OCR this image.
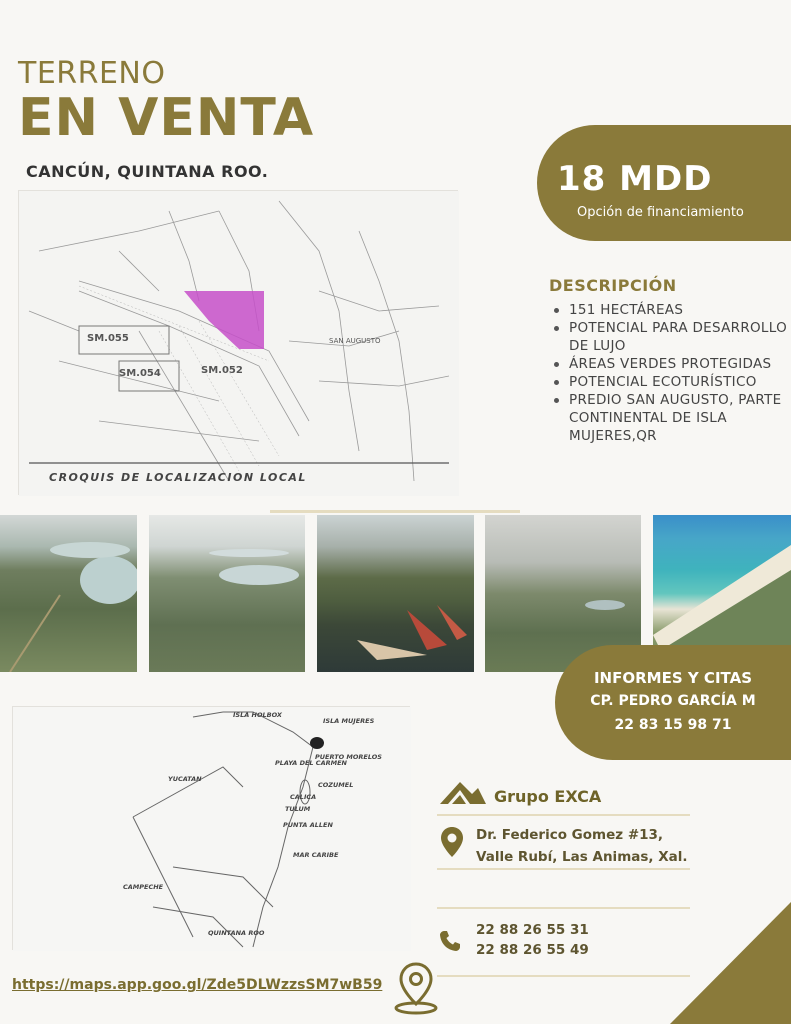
TERRENO
EN VENTA
CANCÚN, QUINTANA ROO.	18 MDD
Opción de financiamiento
SM.055
SM.054	SM.052
SAN AUGUSTO
CROQUIS DE LOCALIZACION LOCAL
DESCRIPCIÓN
151 HECTÁREAS
POTENCIAL PARA DESARROLLO DE LUJO
ÁREAS VERDES PROTEGIDAS
POTENCIAL ECOTURÍSTICO
PREDIO SAN AUGUSTO, PARTE CONTINENTAL DE ISLA MUJERES,QR
INFORMES Y CITAS
CP. PEDRO GARCÍA M
22 83 15 98 71
ISLA HOLBOX
ISLA MUJERES
PUERTO MORELOS
PLAYA DEL CARMEN
YUCATAN
COZUMEL
CALICA
TULUM
PUNTA ALLEN
MAR CARIBE
CAMPECHE
QUINTANA ROO
Grupo EXCA
Dr. Federico Gomez #13,
Valle Rubí, Las Animas, Xal.
22 88 26 55 31
22 88 26 55 49
https://maps.app.goo.gl/Zde5DLWzzsSM7wB59
